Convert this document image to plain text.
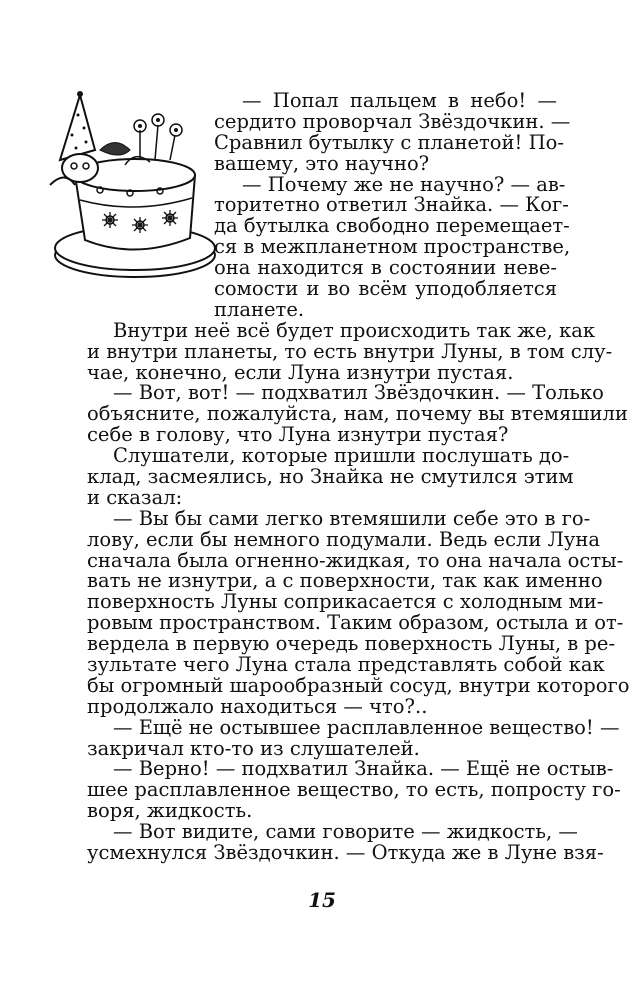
— Попал пальцем в небо! —
сердито проворчал Звёздочкин. —
Сравнил бутылку с планетой! По-
вашему, это научно?
— Почему же не научно? — ав-
торитетно ответил Знайка. — Ког-
да бутылка свободно перемещает-
ся в межпланетном пространстве,
она находится в состоянии невe-
сомости и во всём уподобляется
планете.
Внутри неё всё будет происходить так же, как
и внутри планеты, то есть внутри Луны, в том слу-
чае, конечно, если Луна изнутри пустая.
— Вот, вот! — подхватил Звёздочкин. — Только
объясните, пожалуйста, нам, почему вы втемяшили
себе в голову, что Луна изнутри пустая?
Слушатели, которые пришли послушать до-
клад, засмеялись, но Знайка не смутился этим
и сказал:
— Вы бы сами легко втемяшили себе это в го-
лову, если бы немного подумали. Ведь если Луна
сначала была огненно-жидкая, то она начала осты-
вать не изнутри, а с поверхности, так как именно
поверхность Луны соприкасается с холодным ми-
ровым пространством. Таким образом, остыла и от-
вердела в первую очередь поверхность Луны, в ре-
зультате чего Луна стала представлять собой как
бы огромный шарообразный сосуд, внутри которого
продолжало находиться — что?..
— Ещё не остывшее расплавленное вещество! —
закричал кто-то из слушателей.
— Верно! — подхватил Знайка. — Ещё не остыв-
15
шее расплавленное вещество, то есть, попросту го-
воря, жидкость.
— Вот видите, сами говорите — жидкость, —
усмехнулся Звёздочкин. — Откуда же в Луне взя-
